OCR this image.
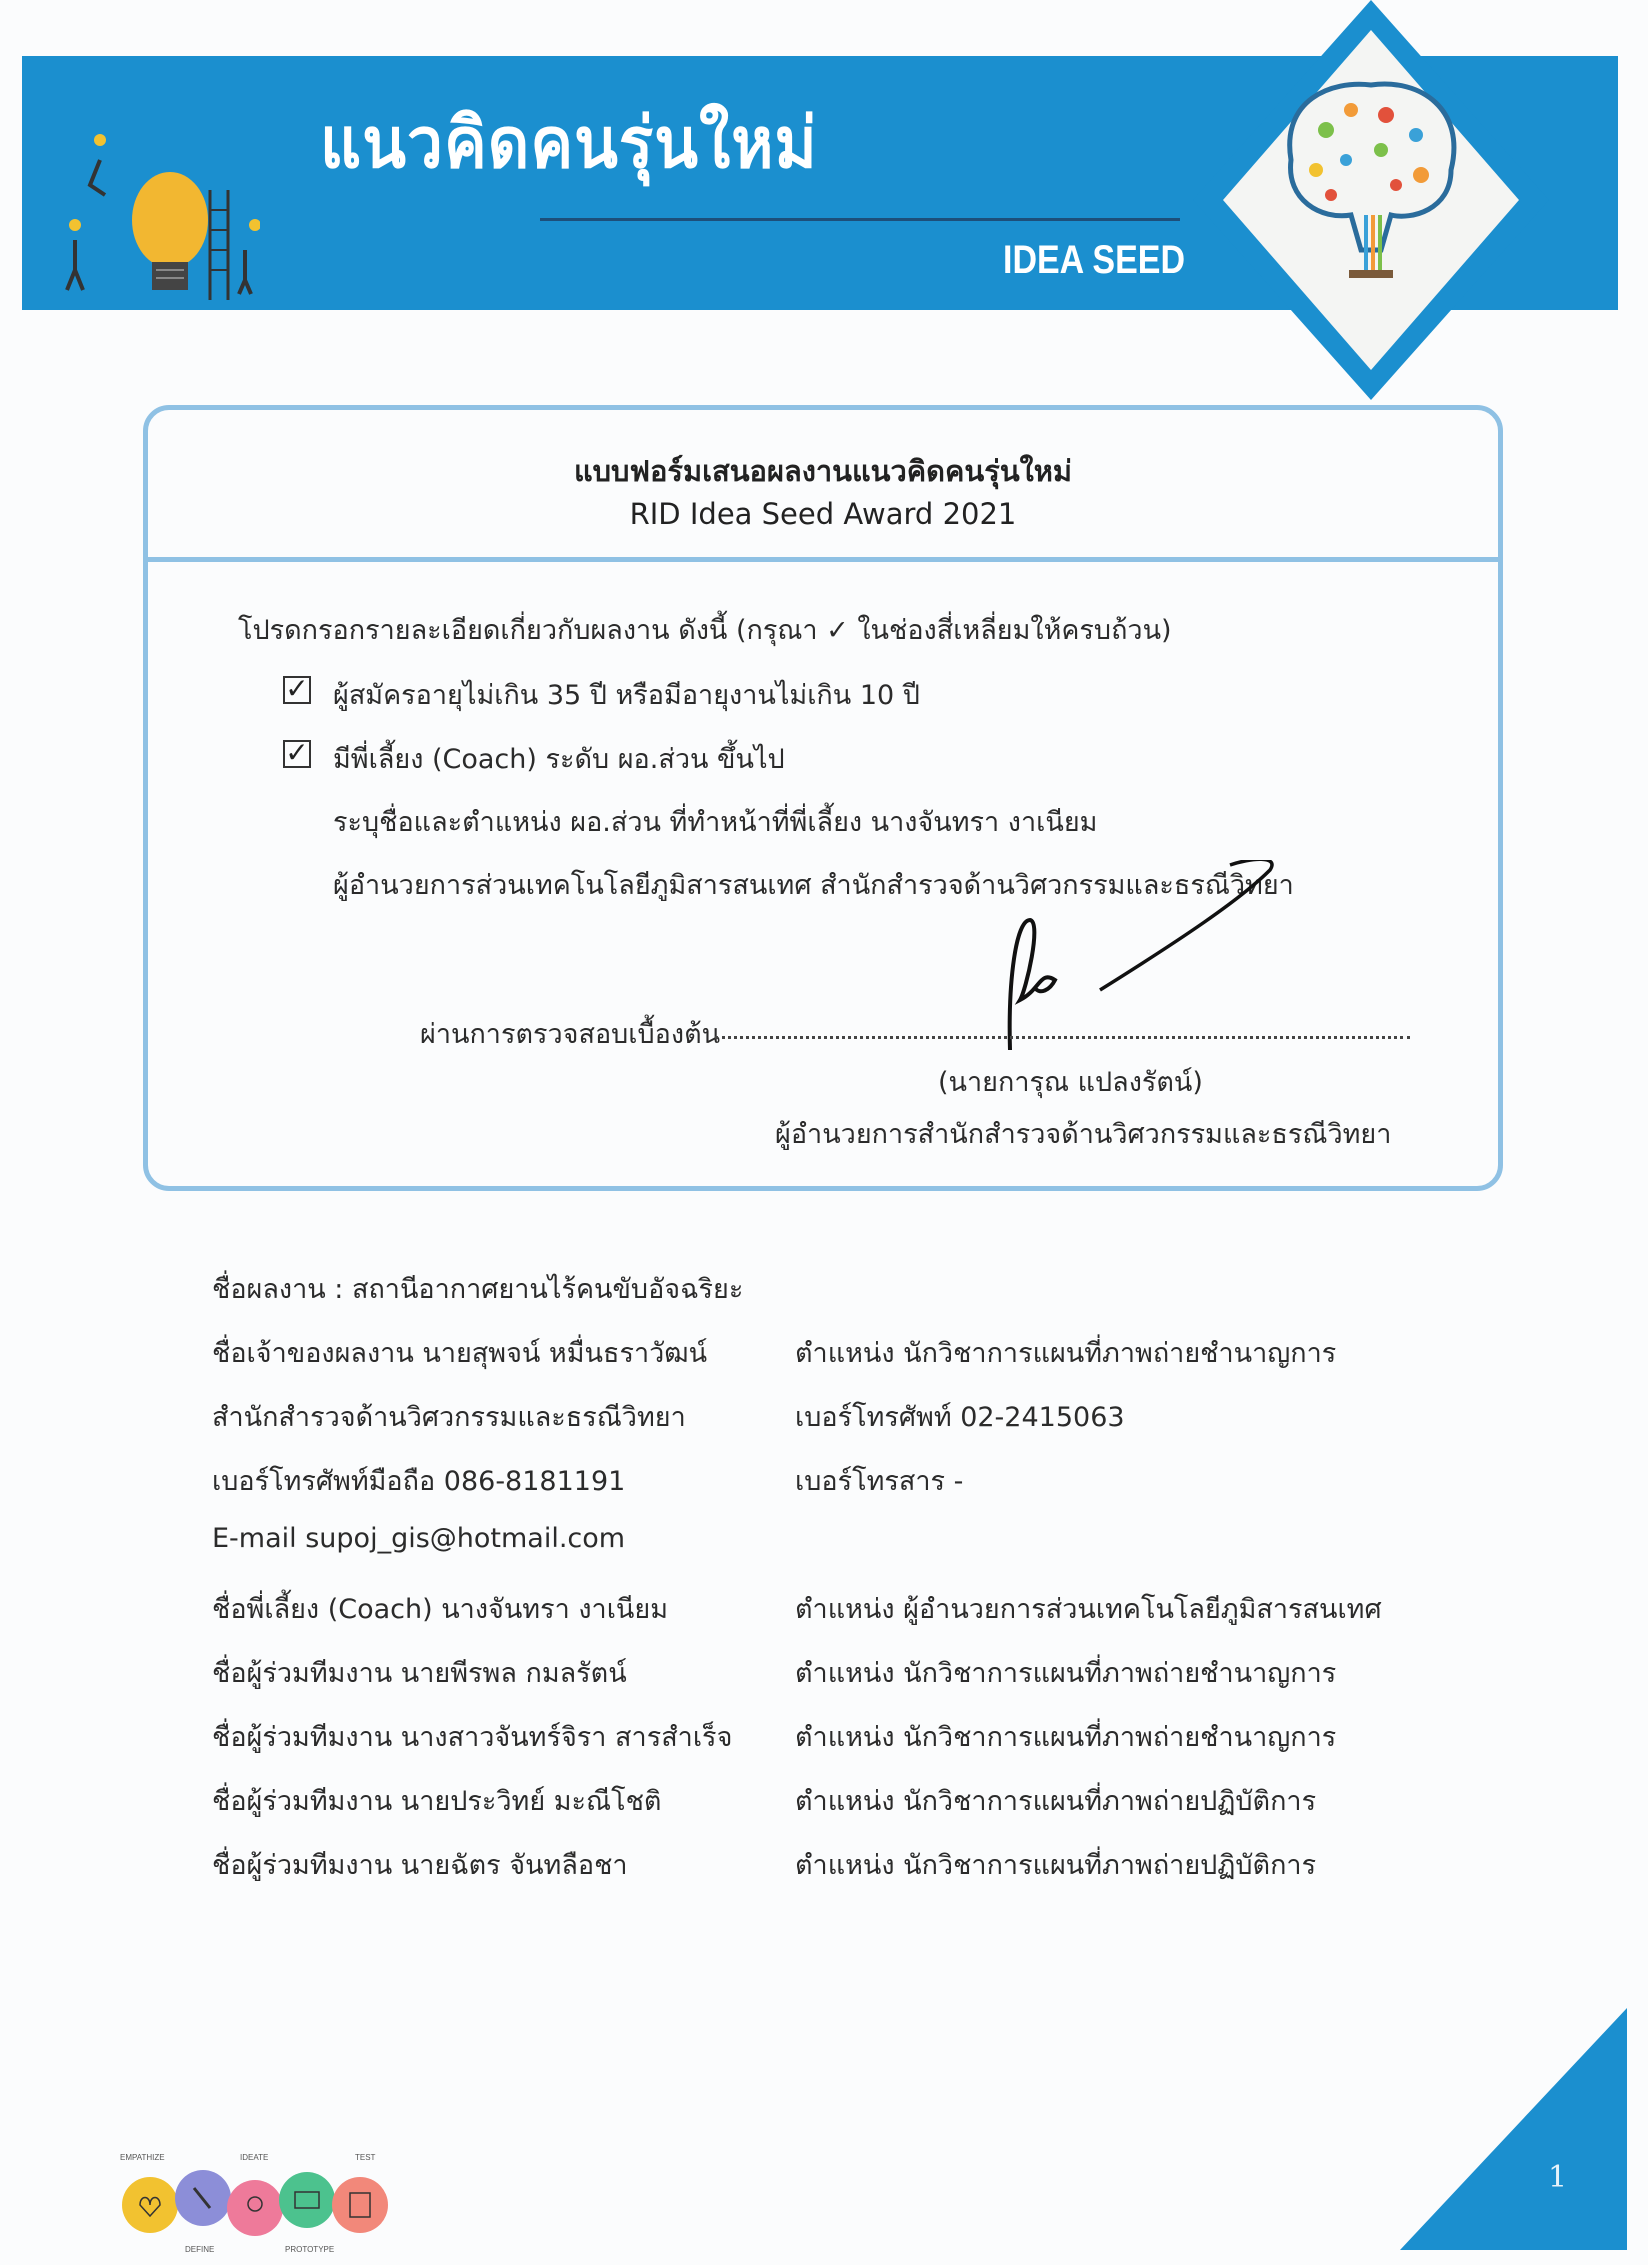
แนวคิดคนรุ่นใหม่
IDEA SEED
แบบฟอร์มเสนอผลงานแนวคิดคนรุ่นใหม่
RID Idea Seed Award 2021
โปรดกรอกรายละเอียดเกี่ยวกับผลงาน ดังนี้ (กรุณา ✓ ในช่องสี่เหลี่ยมให้ครบถ้วน)
✓ ผู้สมัครอายุไม่เกิน 35 ปี หรือมีอายุงานไม่เกิน 10 ปี
✓ มีพี่เลี้ยง (Coach) ระดับ ผอ.ส่วน ขึ้นไป
ระบุชื่อและตำแหน่ง ผอ.ส่วน ที่ทำหน้าที่พี่เลี้ยง นางจันทรา งาเนียม
ผู้อำนวยการส่วนเทคโนโลยีภูมิสารสนเทศ สำนักสำรวจด้านวิศวกรรมและธรณีวิทยา
ผ่านการตรวจสอบเบื้องต้น
(นายการุณ แปลงรัตน์)
ผู้อำนวยการสำนักสำรวจด้านวิศวกรรมและธรณีวิทยา
ชื่อผลงาน : สถานีอากาศยานไร้คนขับอัจฉริยะ
ชื่อเจ้าของผลงาน นายสุพจน์ หมื่นธราวัฒน์	ตำแหน่ง นักวิชาการแผนที่ภาพถ่ายชำนาญการ
สำนักสำรวจด้านวิศวกรรมและธรณีวิทยา	เบอร์โทรศัพท์ 02-2415063
เบอร์โทรศัพท์มือถือ 086-8181191	เบอร์โทรสาร -
E-mail supoj_gis@hotmail.com
ชื่อพี่เลี้ยง (Coach) นางจันทรา งาเนียม	ตำแหน่ง ผู้อำนวยการส่วนเทคโนโลยีภูมิสารสนเทศ
ชื่อผู้ร่วมทีมงาน นายพีรพล กมลรัตน์	ตำแหน่ง นักวิชาการแผนที่ภาพถ่ายชำนาญการ
ชื่อผู้ร่วมทีมงาน นางสาวจันทร์จิรา สารสำเร็จ ตำแหน่ง นักวิชาการแผนที่ภาพถ่ายชำนาญการ
ชื่อผู้ร่วมทีมงาน นายประวิทย์ มะณีโชติ	ตำแหน่ง นักวิชาการแผนที่ภาพถ่ายปฏิบัติการ
ชื่อผู้ร่วมทีมงาน นายฉัตร จันทลือชา	ตำแหน่ง นักวิชาการแผนที่ภาพถ่ายปฏิบัติการ
EMPATHIZE
DEFINE
IDEATE
PROTOTYPE
TEST
1
